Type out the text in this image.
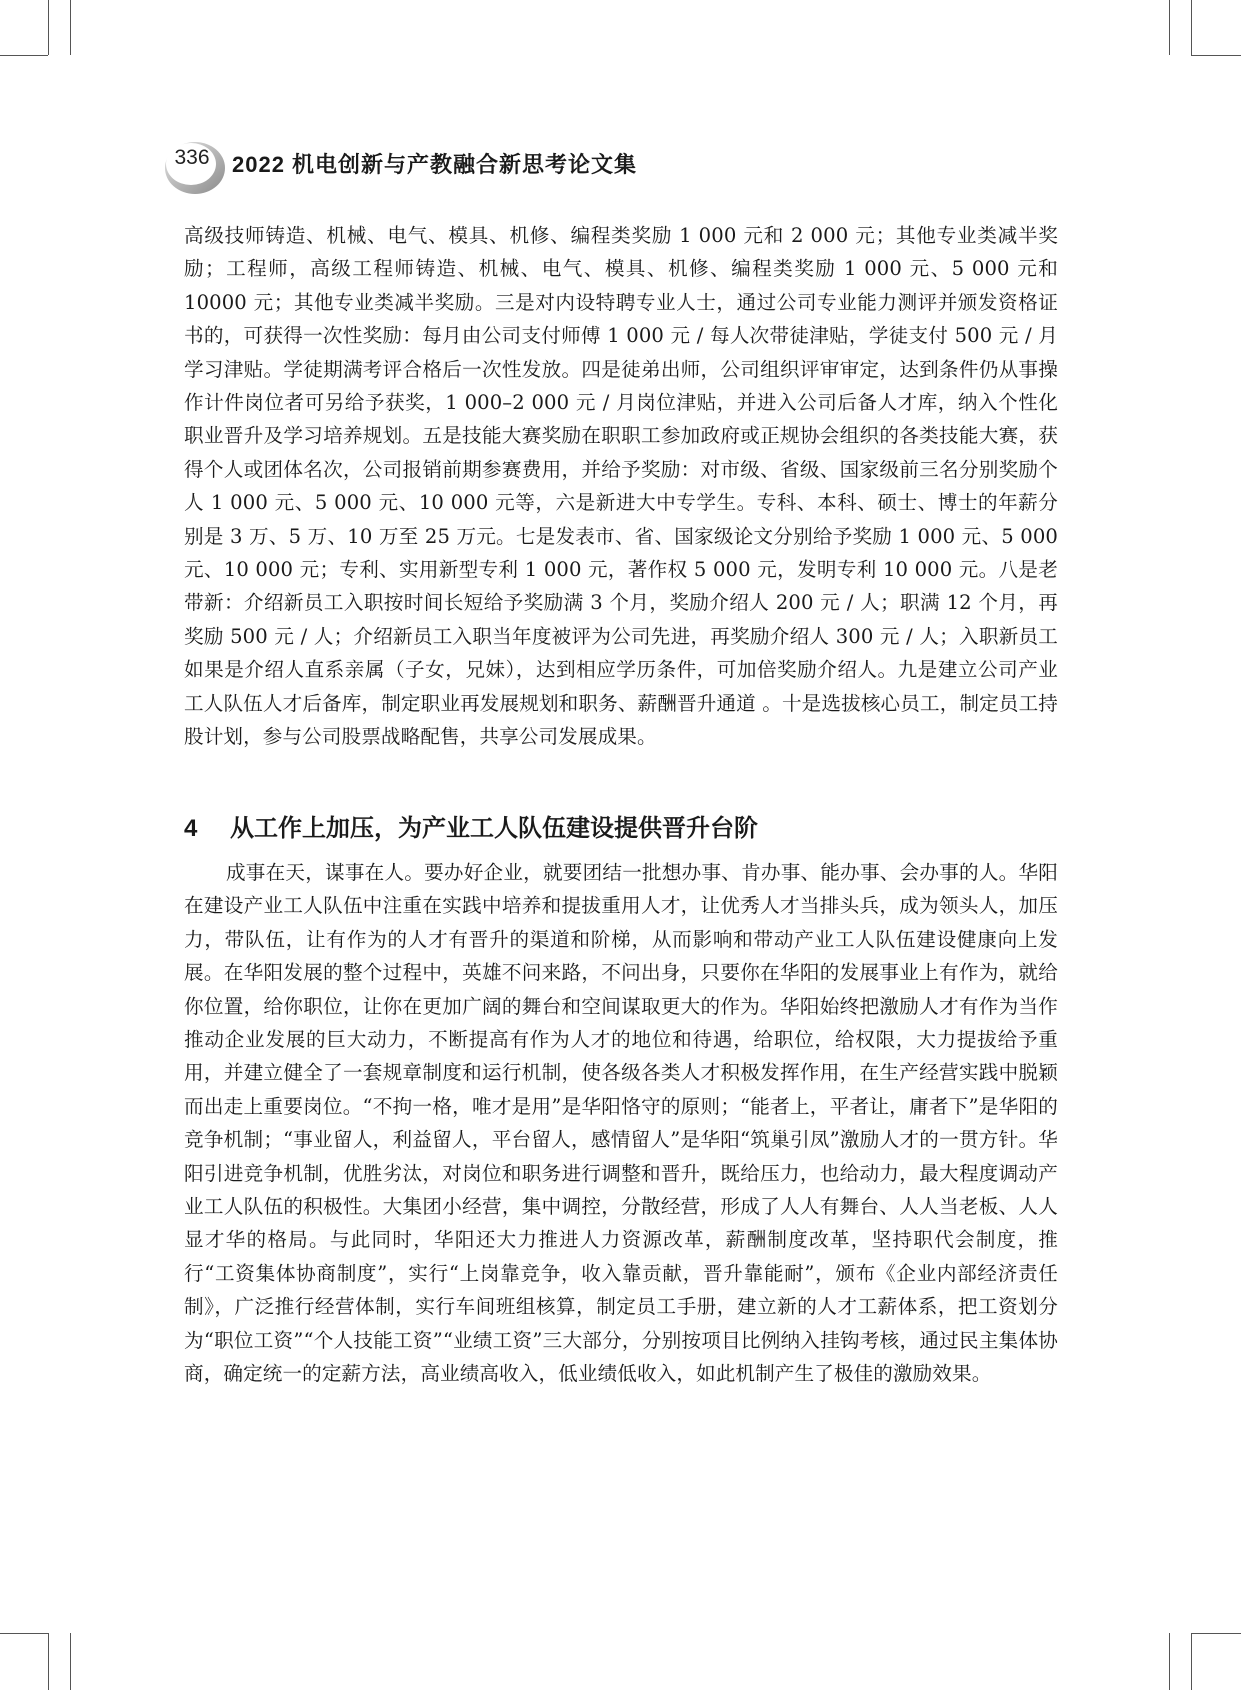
336	2022 机电创新与产教融合新思考论文集
高级技师铸造、机械、电气、模具、机修、编程类奖励 1 000 元和 2 000 元；其他专业类减半奖励；工程师，高级工程师铸造、机械、电气、模具、机修、编程类奖励 1 000 元、5 000 元和 10000 元；其他专业类减半奖励。三是对内设特聘专业人士，通过公司专业能力测评并颁发资格证书的，可获得一次性奖励：每月由公司支付师傅 1 000 元 / 每人次带徒津贴，学徒支付 500 元 / 月学习津贴。学徒期满考评合格后一次性发放。四是徒弟出师，公司组织评审审定，达到条件仍从事操作计件岗位者可另给予获奖，1 000–2 000 元 / 月岗位津贴，并进入公司后备人才库，纳入个性化职业晋升及学习培养规划。五是技能大赛奖励在职职工参加政府或正规协会组织的各类技能大赛，获得个人或团体名次，公司报销前期参赛费用，并给予奖励：对市级、省级、国家级前三名分别奖励个人 1 000 元、5 000 元、10 000 元等，六是新进大中专学生。专科、本科、硕士、博士的年薪分别是 3 万、5 万、10 万至 25 万元。七是发表市、省、国家级论文分别给予奖励 1 000 元、5 000 元、10 000 元；专利、实用新型专利 1 000 元，著作权 5 000 元，发明专利 10 000 元。八是老带新：介绍新员工入职按时间长短给予奖励满 3 个月，奖励介绍人 200 元 / 人；职满 12 个月，再奖励 500 元 / 人；介绍新员工入职当年度被评为公司先进，再奖励介绍人 300 元 / 人；入职新员工如果是介绍人直系亲属（子女，兄妹），达到相应学历条件，可加倍奖励介绍人。九是建立公司产业工人队伍人才后备库，制定职业再发展规划和职务、薪酬晋升通道 。十是选拔核心员工，制定员工持股计划，参与公司股票战略配售，共享公司发展成果。
4 从工作上加压，为产业工人队伍建设提供晋升台阶
成事在天，谋事在人。要办好企业，就要团结一批想办事、肯办事、能办事、会办事的人。华阳在建设产业工人队伍中注重在实践中培养和提拔重用人才，让优秀人才当排头兵，成为领头人，加压力，带队伍，让有作为的人才有晋升的渠道和阶梯，从而影响和带动产业工人队伍建设健康向上发展。在华阳发展的整个过程中，英雄不问来路，不问出身，只要你在华阳的发展事业上有作为，就给你位置，给你职位，让你在更加广阔的舞台和空间谋取更大的作为。华阳始终把激励人才有作为当作推动企业发展的巨大动力，不断提高有作为人才的地位和待遇，给职位，给权限，大力提拔给予重用，并建立健全了一套规章制度和运行机制，使各级各类人才积极发挥作用，在生产经营实践中脱颖而出走上重要岗位。“不拘一格，唯才是用”是华阳恪守的原则；“能者上，平者让，庸者下”是华阳的竞争机制；“事业留人，利益留人，平台留人，感情留人”是华阳“筑巢引凤”激励人才的一贯方针。华阳引进竞争机制，优胜劣汰，对岗位和职务进行调整和晋升，既给压力，也给动力，最大程度调动产业工人队伍的积极性。大集团小经营，集中调控，分散经营，形成了人人有舞台、人人当老板、人人显才华的格局。与此同时，华阳还大力推进人力资源改革，薪酬制度改革，坚持职代会制度，推行“工资集体协商制度”，实行“上岗靠竞争，收入靠贡献，晋升靠能耐”，颁布《企业内部经济责任制》，广泛推行经营体制，实行车间班组核算，制定员工手册，建立新的人才工薪体系，把工资划分为“职位工资”“个人技能工资”“业绩工资”三大部分，分别按项目比例纳入挂钩考核，通过民主集体协商，确定统一的定薪方法，高业绩高收入，低业绩低收入，如此机制产生了极佳的激励效果。
